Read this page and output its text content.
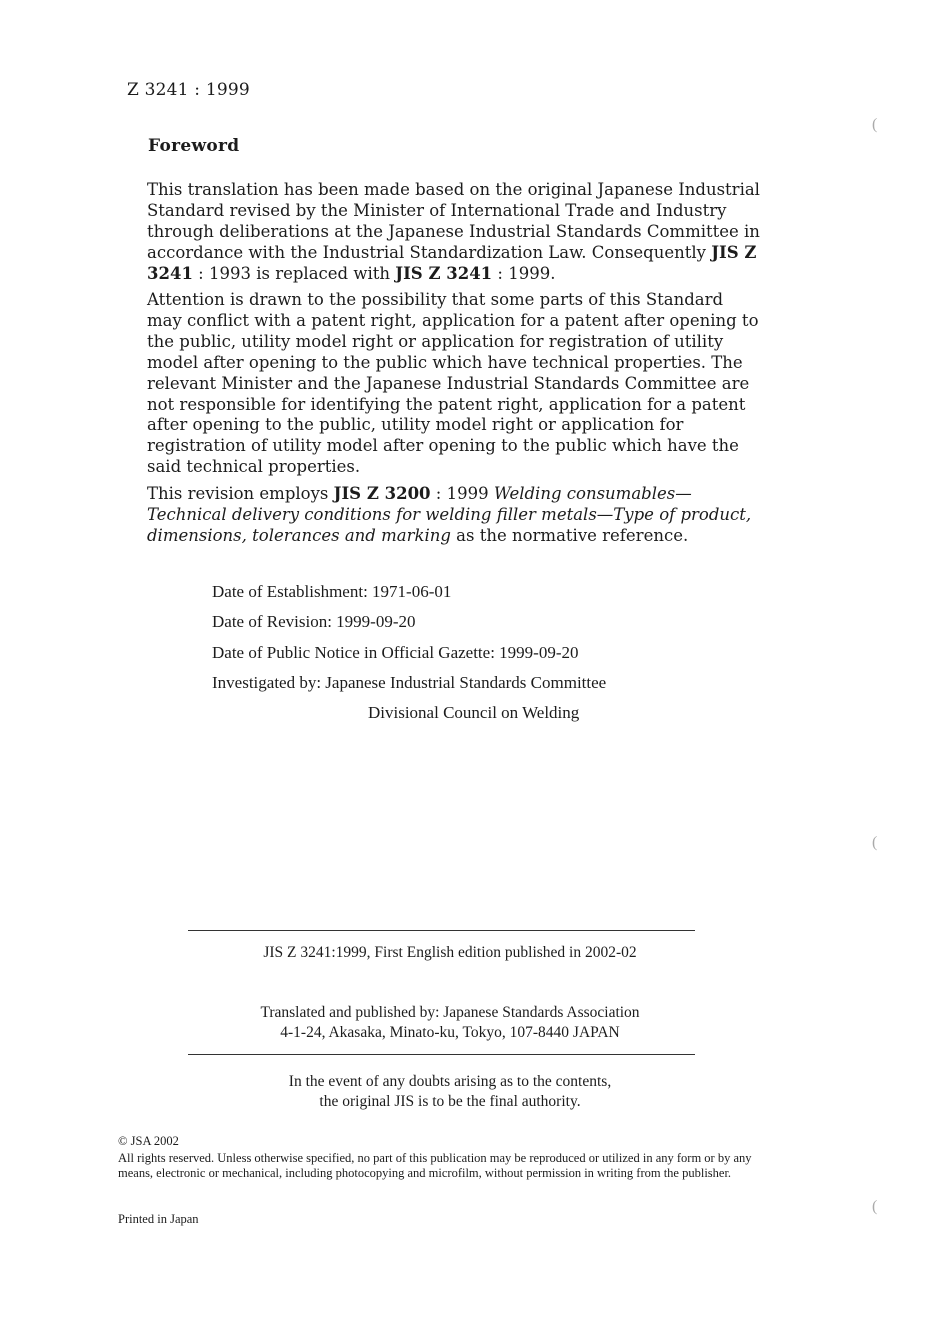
Z 3241 : 1999
Foreword
This translation has been made based on the original Japanese Industrial Standard revised by the Minister of International Trade and Industry through deliberations at the Japanese Industrial Standards Committee in accordance with the Industrial Standardization Law. Consequently JIS Z 3241 : 1993 is replaced with JIS Z 3241 : 1999.
Attention is drawn to the possibility that some parts of this Standard may conflict with a patent right, application for a patent after opening to the public, utility model right or application for registration of utility model after opening to the public which have technical properties. The relevant Minister and the Japanese Industrial Standards Committee are not responsible for identifying the patent right, application for a patent after opening to the public, utility model right or application for registration of utility model after opening to the public which have the said technical properties.
This revision employs JIS Z 3200 : 1999 Welding consumables—Technical delivery conditions for welding filler metals—Type of product, dimensions, tolerances and marking as the normative reference.
Date of Establishment: 1971-06-01
Date of Revision: 1999-09-20
Date of Public Notice in Official Gazette: 1999-09-20
Investigated by: Japanese Industrial Standards Committee
Divisional Council on Welding
JIS Z 3241:1999, First English edition published in 2002-02
Translated and published by: Japanese Standards Association
4-1-24, Akasaka, Minato-ku, Tokyo, 107-8440 JAPAN
In the event of any doubts arising as to the contents,
the original JIS is to be the final authority.
© JSA 2002
All rights reserved. Unless otherwise specified, no part of this publication may be reproduced or utilized in any form or by any means, electronic or mechanical, including photocopying and microfilm, without permission in writing from the publisher.
Printed in Japan
(
(
(
